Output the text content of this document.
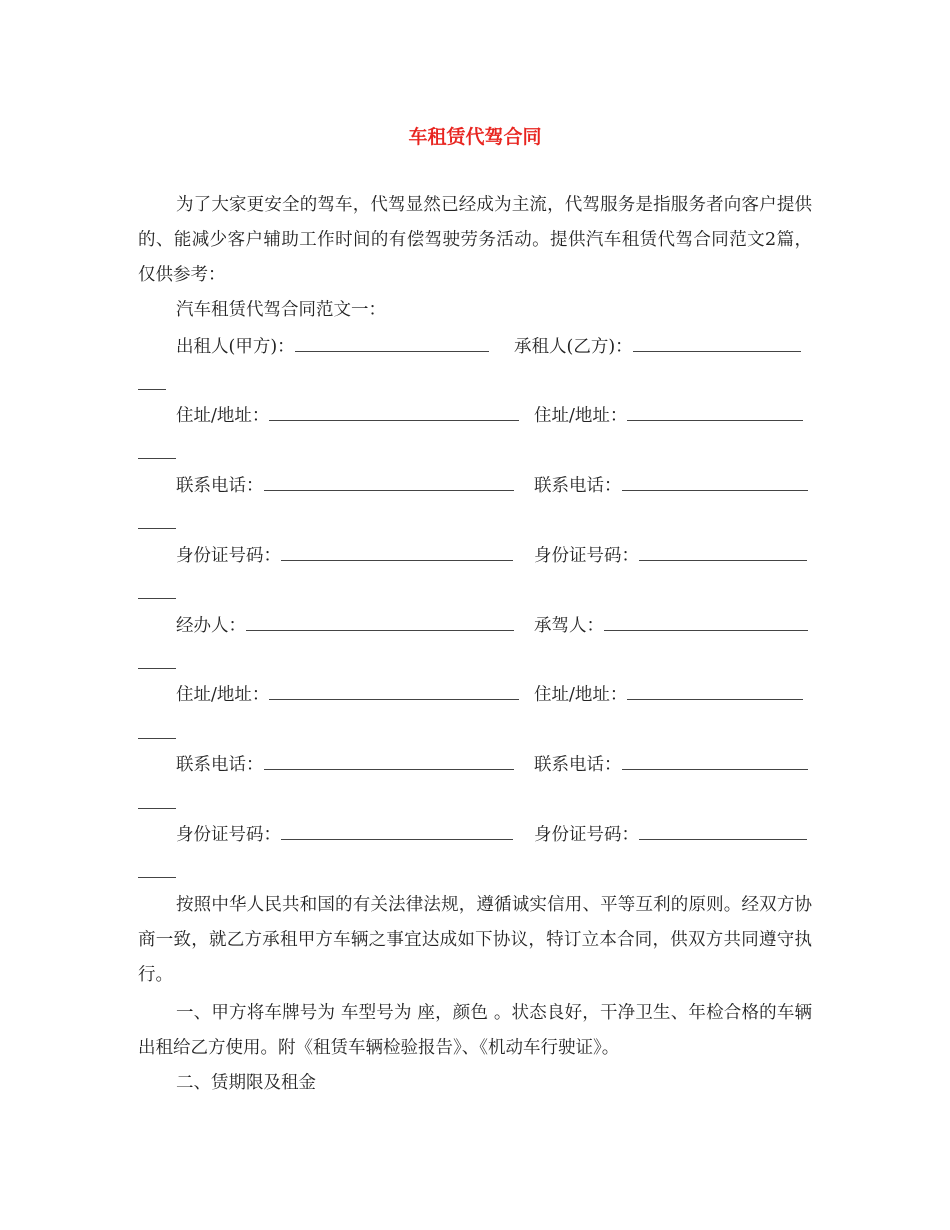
车租赁代驾合同

为了大家更安全的驾车，代驾显然已经成为主流，代驾服务是指服务者向客户提供的、能减少客户辅助工作时间的有偿驾驶劳务活动。提供汽车租赁代驾合同范文2篇，仅供参考：

汽车租赁代驾合同范文一：
出租人(甲方)：	承租人(乙方)：
住址/地址：	住址/地址：
联系电话：	联系电话：
身份证号码：	身份证号码：
经办人：	承驾人：
住址/地址：	住址/地址：
联系电话：	联系电话：
身份证号码：	身份证号码：

按照中华人民共和国的有关法律法规，遵循诚实信用、平等互利的原则。经双方协商一致，就乙方承租甲方车辆之事宜达成如下协议，特订立本合同，供双方共同遵守执行。

一、甲方将车牌号为 车型号为 座，颜色 。状态良好，干净卫生、年检合格的车辆出租给乙方使用。附《租赁车辆检验报告》、《机动车行驶证》。

二、赁期限及租金
